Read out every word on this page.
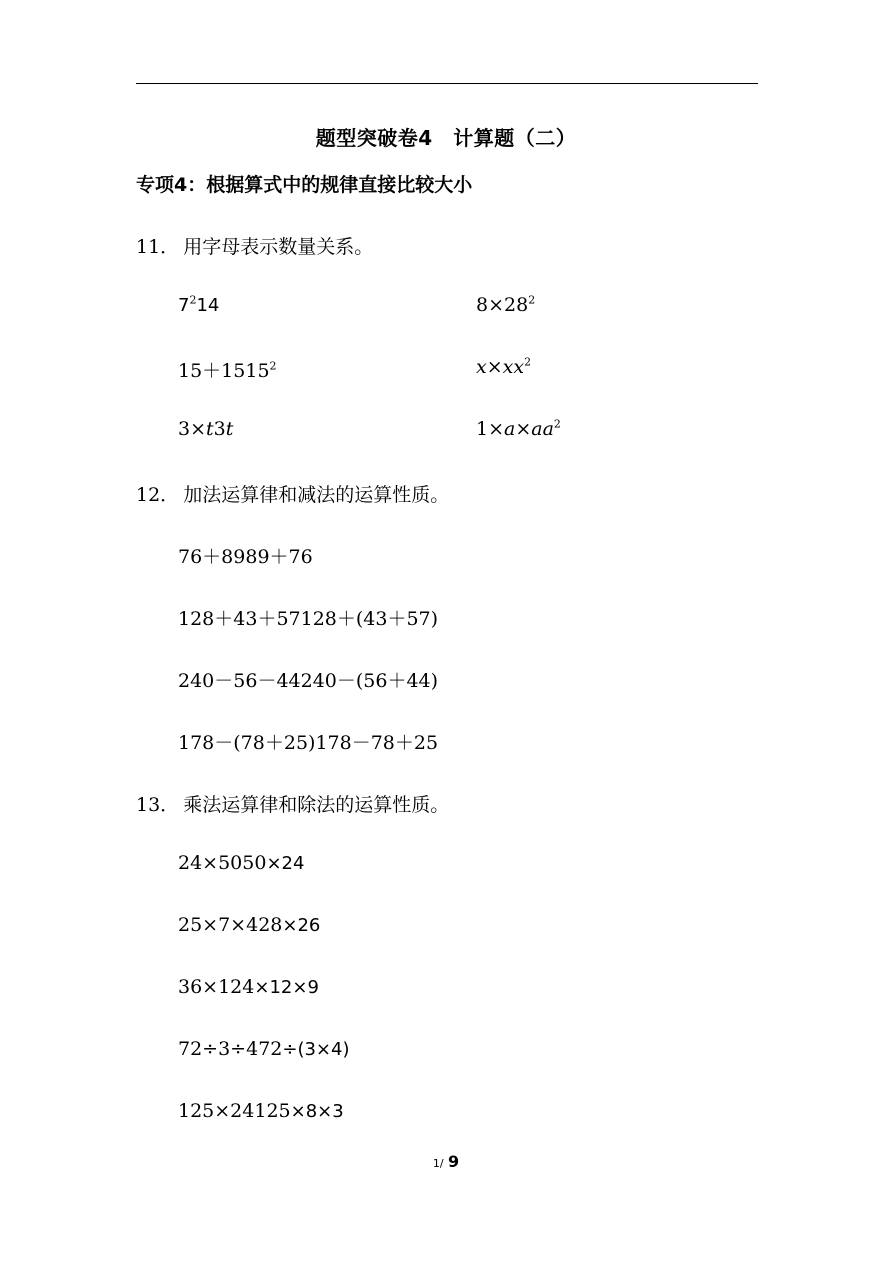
题型突破卷4　计算题（二）
专项4：根据算式中的规律直接比较大小
11． 用字母表示数量关系。
$7^214$	$8\times 28^2$
$15+1515^2$	$x\times xx^2$
3×t3t	$1\times a\times aa^2$
12． 加法运算律和减法的运算性质。
76＋8989＋76
128＋43＋57128＋(43＋57)
240－56－44240－(56＋44)
178－(78＋25)178－78＋25
13． 乘法运算律和除法的运算性质。
24×5050×24
25×7×428×26
36×124×12×9
72÷3÷472÷(3×4)
125×24125×8×3
1/ 9
